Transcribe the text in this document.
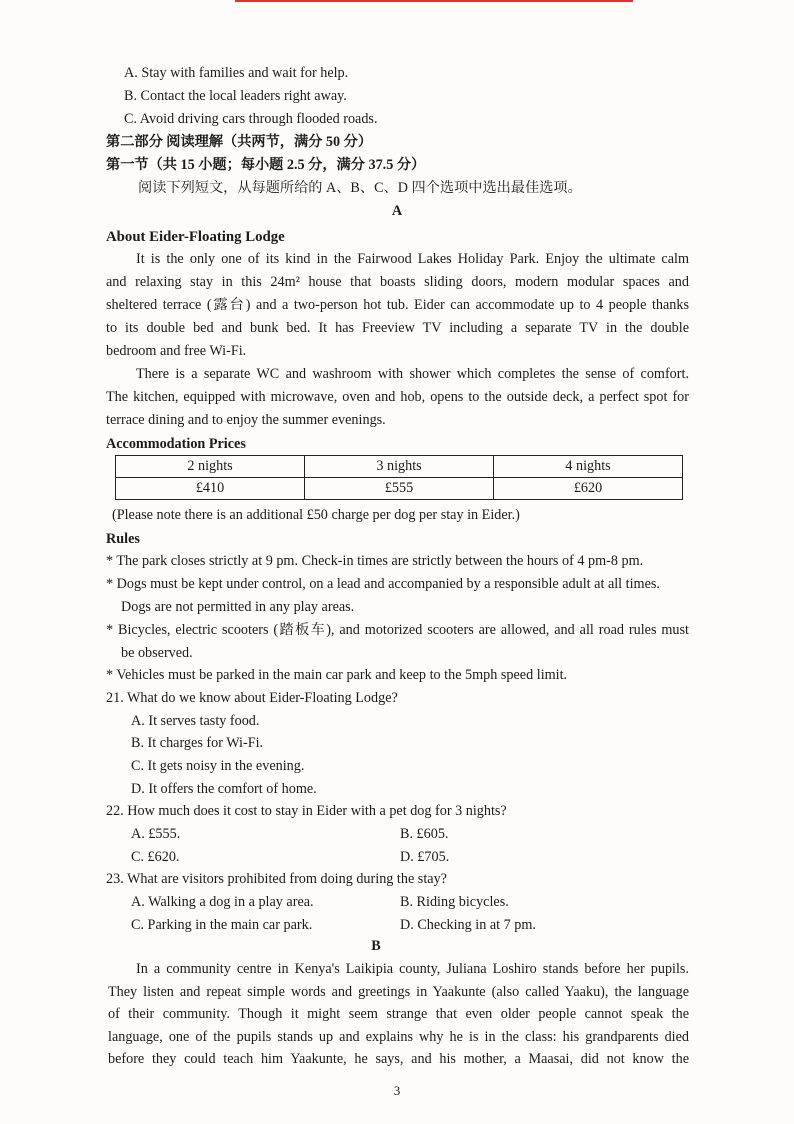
A. Stay with families and wait for help.
B. Contact the local leaders right away.
C. Avoid driving cars through flooded roads.
第二部分 阅读理解（共两节，满分 50 分）
第一节（共 15 小题；每小题 2.5 分，满分 37.5 分）
阅读下列短文，从每题所给的 A、B、C、D 四个选项中选出最佳选项。
A
About Eider-Floating Lodge
It is the only one of its kind in the Fairwood Lakes Holiday Park. Enjoy the ultimate calm
and relaxing stay in this 24m² house that boasts sliding doors, modern modular spaces and
sheltered terrace (露台) and a two-person hot tub. Eider can accommodate up to 4 people thanks
to its double bed and bunk bed. It has Freeview TV including a separate TV in the double
bedroom and free Wi-Fi.
There is a separate WC and washroom with shower which completes the sense of comfort.
The kitchen, equipped with microwave, oven and hob, opens to the outside deck, a perfect spot for
terrace dining and to enjoy the summer evenings.
Accommodation Prices
2 nights	3 nights	4 nights
£410	£555	£620
(Please note there is an additional £50 charge per dog per stay in Eider.)
Rules
* The park closes strictly at 9 pm. Check-in times are strictly between the hours of 4 pm-8 pm.
* Dogs must be kept under control, on a lead and accompanied by a responsible adult at all times.
Dogs are not permitted in any play areas.
* Bicycles, electric scooters (踏板车), and motorized scooters are allowed, and all road rules must
be observed.
* Vehicles must be parked in the main car park and keep to the 5mph speed limit.
21. What do we know about Eider-Floating Lodge?
A. It serves tasty food.
B. It charges for Wi-Fi.
C. It gets noisy in the evening.
D. It offers the comfort of home.
22. How much does it cost to stay in Eider with a pet dog for 3 nights?
A. £555.	B. £605.
C. £620.	D. £705.
23. What are visitors prohibited from doing during the stay?
A. Walking a dog in a play area.	B. Riding bicycles.
C. Parking in the main car park.	D. Checking in at 7 pm.
B
In a community centre in Kenya's Laikipia county, Juliana Loshiro stands before her pupils.
They listen and repeat simple words and greetings in Yaakunte (also called Yaaku), the language
of their community. Though it might seem strange that even older people cannot speak the
language, one of the pupils stands up and explains why he is in the class: his grandparents died
before they could teach him Yaakunte, he says, and his mother, a Maasai, did not know the
3
